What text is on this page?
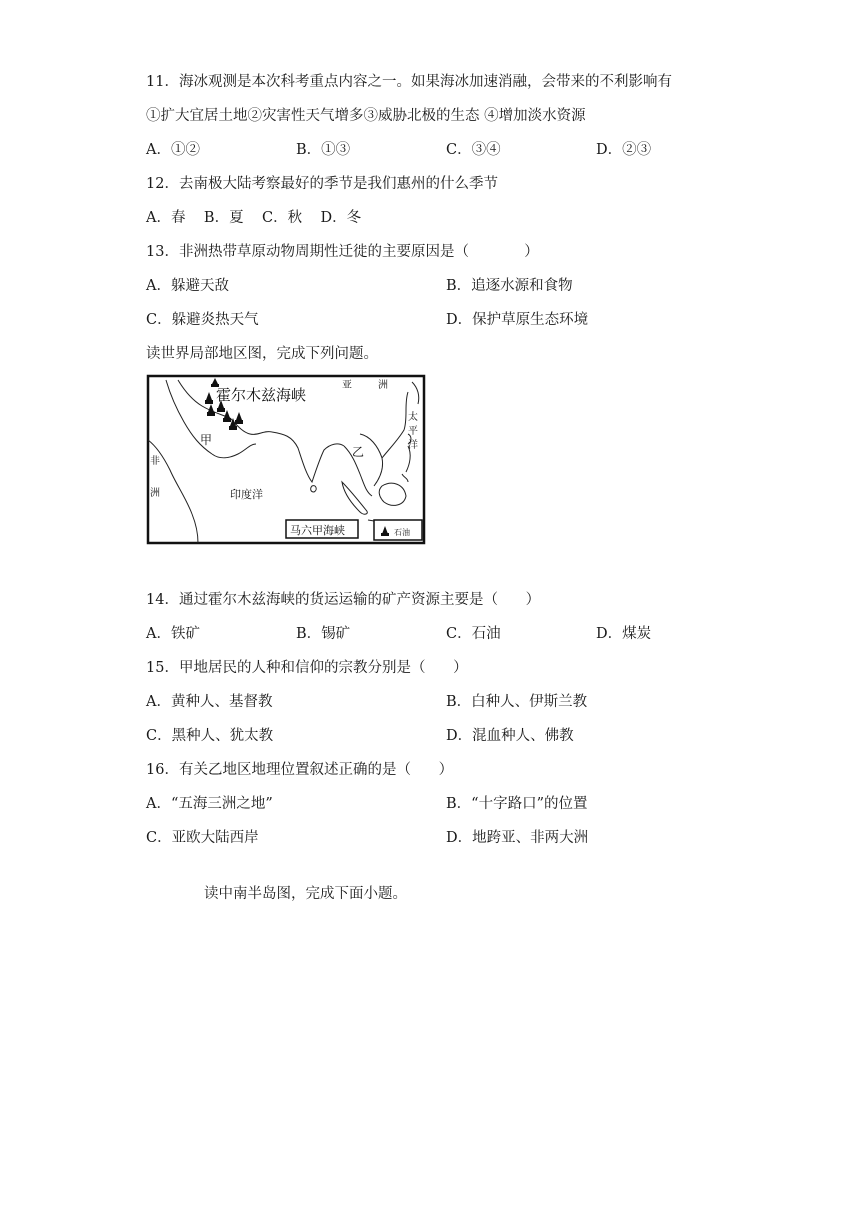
11．海冰观测是本次科考重点内容之一。如果海冰加速消融，会带来的不利影响有
①扩大宜居土地②灾害性天气增多③威胁北极的生态 ④增加淡水资源
A．①②	B．①③	C．③④	D．②③
12．去南极大陆考察最好的季节是我们惠州的什么季节
A．春    B．夏    C．秋    D．冬
13．非洲热带草原动物周期性迁徙的主要原因是（            ）
A．躲避天敌	B．追逐水源和食物
C．躲避炎热天气	D．保护草原生态环境
读世界局部地区图，完成下列问题。
霍尔木兹海峡
亚	洲
太
平
洋
非
洲
甲
乙
印度洋
马六甲海峡	石油
14．通过霍尔木兹海峡的货运运输的矿产资源主要是（      ）
A．铁矿	B．锡矿	C．石油	D．煤炭
15．甲地居民的人种和信仰的宗教分别是（      ）
A．黄种人、基督教	B．白种人、伊斯兰教
C．黑种人、犹太教	D．混血种人、佛教
16．有关乙地区地理位置叙述正确的是（      ）
A．“五海三洲之地”	B．“十字路口”的位置
C．亚欧大陆西岸	D．地跨亚、非两大洲
读中南半岛图，完成下面小题。
